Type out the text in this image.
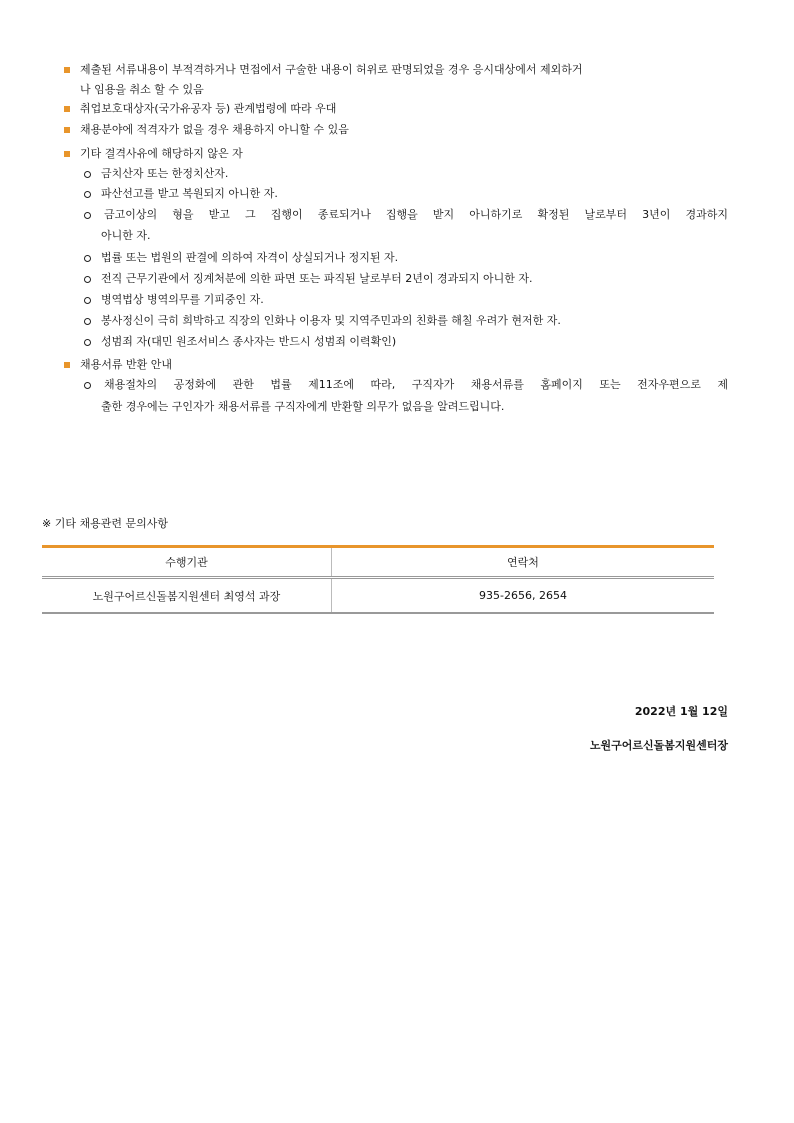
제출된 서류내용이 부적격하거나 면접에서 구술한 내용이 허위로 판명되었을 경우 응시대상에서 제외하거
나 임용을 취소 할 수 있음
취업보호대상자(국가유공자 등) 관계법령에 따라 우대
채용분야에 적격자가 없을 경우 채용하지 아니할 수 있음
기타 결격사유에 해당하지 않은 자
금치산자 또는 한정치산자.
파산선고를 받고 복원되지 아니한 자.
금고이상의 형을 받고 그 집행이 종료되거나 집행을 받지 아니하기로 확정된 날로부터 3년이 경과하지
아니한 자.
법률 또는 법원의 판결에 의하여 자격이 상실되거나 정지된 자.
전직 근무기관에서 징계처분에 의한 파면 또는 파직된 날로부터 2년이 경과되지 아니한 자.
병역법상 병역의무를 기피중인 자.
봉사정신이 극히 희박하고 직장의 인화나 이용자 및 지역주민과의 친화를 해칠 우려가 현저한 자.
성범죄 자(대민 원조서비스 종사자는 반드시 성범죄 이력확인)
채용서류 반환 안내
채용절차의 공정화에 관한 법률 제11조에 따라, 구직자가 채용서류를 홈페이지 또는 전자우편으로 제
출한 경우에는 구인자가 채용서류를 구직자에게 반환할 의무가 없음을 알려드립니다.
※ 기타 채용관련 문의사항
수행기관	연락처
노원구어르신돌봄지원센터 최영석 과장	935-2656, 2654
2022년 1월 12일
노원구어르신돌봄지원센터장
